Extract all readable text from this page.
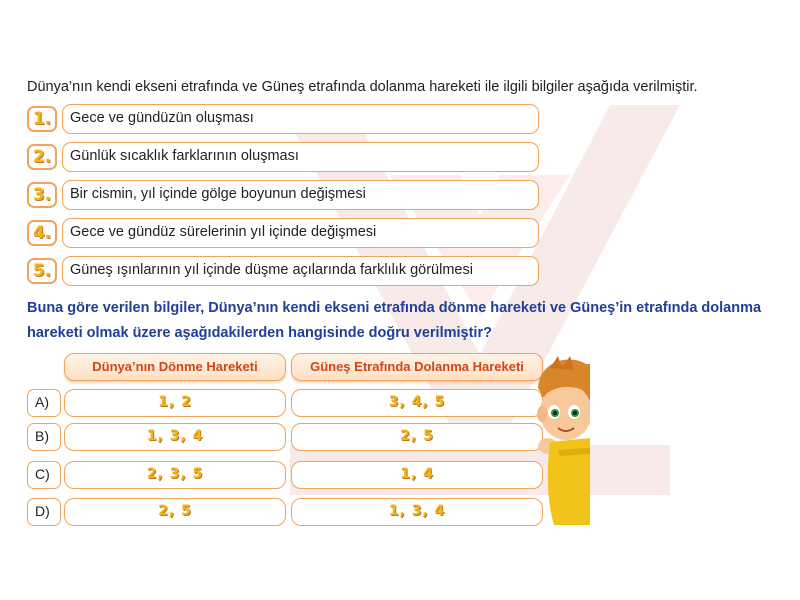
Dünya’nın kendi ekseni etrafında ve Güneş etrafında dolanma hareketi ile ilgili bilgiler aşağıda verilmiştir.
1.	Gece ve gündüzün oluşması
2.	Günlük sıcaklık farklarının oluşması
3.	Bir cismin, yıl içinde gölge boyunun değişmesi
4.	Gece ve gündüz sürelerinin yıl içinde değişmesi
5.	Güneş ışınlarının yıl içinde düşme açılarında farklılık görülmesi
Buna göre verilen bilgiler, Dünya’nın kendi ekseni etrafında dönme hareketi ve Güneş’in etrafında dolanma hareketi olmak üzere aşağıdakilerden hangisinde doğru verilmiştir?
Dünya’nın Dönme Hareketi	Güneş Etrafında Dolanma Hareketi
A)	1, 2	3, 4, 5
B)	1, 3, 4	2, 5
C)	2, 3, 5	1, 4
D)	2, 5	1, 3, 4
